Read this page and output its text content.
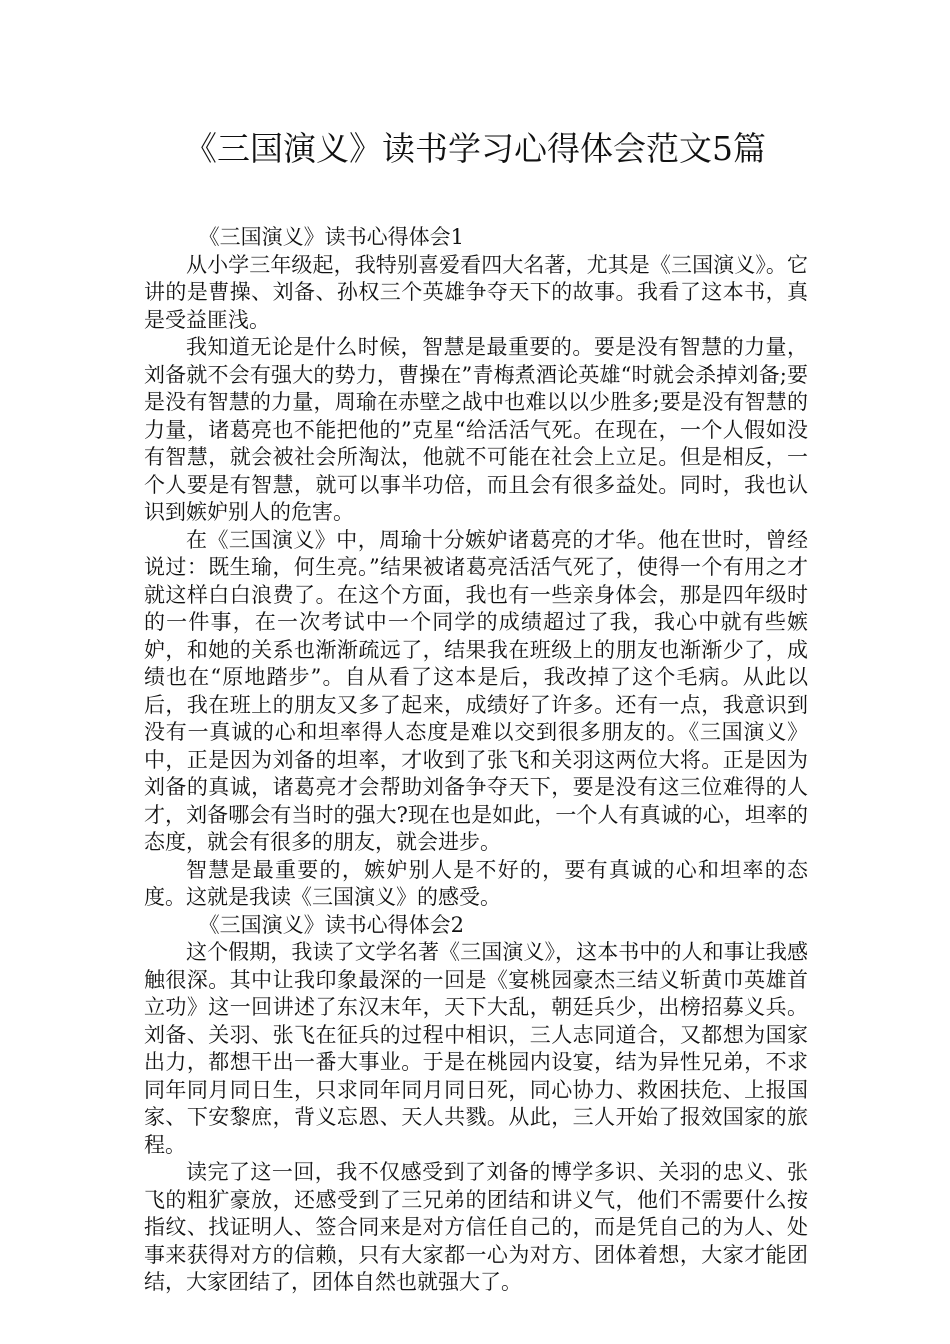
《三国演义》读书学习心得体会范文5篇

《三国演义》读书心得体会1

从小学三年级起，我特别喜爱看四大名著，尤其是《三国演义》。它讲的是曹操、刘备、孙权三个英雄争夺天下的故事。我看了这本书，真是受益匪浅。

我知道无论是什么时候，智慧是最重要的。要是没有智慧的力量，刘备就不会有强大的势力，曹操在”青梅煮酒论英雄“时就会杀掉刘备;要是没有智慧的力量，周瑜在赤壁之战中也难以以少胜多;要是没有智慧的力量，诸葛亮也不能把他的”克星“给活活气死。在现在，一个人假如没有智慧，就会被社会所淘汰，他就不可能在社会上立足。但是相反，一个人要是有智慧，就可以事半功倍，而且会有很多益处。同时，我也认识到嫉妒别人的危害。

在《三国演义》中，周瑜十分嫉妒诸葛亮的才华。他在世时，曾经说过：既生瑜，何生亮。”结果被诸葛亮活活气死了，使得一个有用之才就这样白白浪费了。在这个方面，我也有一些亲身体会，那是四年级时的一件事，在一次考试中一个同学的成绩超过了我，我心中就有些嫉妒，和她的关系也渐渐疏远了，结果我在班级上的朋友也渐渐少了，成绩也在“原地踏步”。自从看了这本是后，我改掉了这个毛病。从此以后，我在班上的朋友又多了起来，成绩好了许多。还有一点，我意识到没有一真诚的心和坦率得人态度是难以交到很多朋友的。《三国演义》中，正是因为刘备的坦率，才收到了张飞和关羽这两位大将。正是因为刘备的真诚，诸葛亮才会帮助刘备争夺天下，要是没有这三位难得的人才，刘备哪会有当时的强大?现在也是如此，一个人有真诚的心，坦率的态度，就会有很多的朋友，就会进步。

智慧是最重要的，嫉妒别人是不好的，要有真诚的心和坦率的态度。这就是我读《三国演义》的感受。

《三国演义》读书心得体会2

这个假期，我读了文学名著《三国演义》，这本书中的人和事让我感触很深。其中让我印象最深的一回是《宴桃园豪杰三结义斩黄巾英雄首立功》这一回讲述了东汉末年，天下大乱，朝廷兵少，出榜招募义兵。刘备、关羽、张飞在征兵的过程中相识，三人志同道合，又都想为国家出力，都想干出一番大事业。于是在桃园内设宴，结为异性兄弟，不求同年同月同日生，只求同年同月同日死，同心协力、救困扶危、上报国家、下安黎庶，背义忘恩、天人共戮。从此，三人开始了报效国家的旅程。

读完了这一回，我不仅感受到了刘备的博学多识、关羽的忠义、张飞的粗犷豪放，还感受到了三兄弟的团结和讲义气，他们不需要什么按指纹、找证明人、签合同来是对方信任自己的，而是凭自己的为人、处事来获得对方的信赖，只有大家都一心为对方、团体着想，大家才能团结，大家团结了，团体自然也就强大了。
